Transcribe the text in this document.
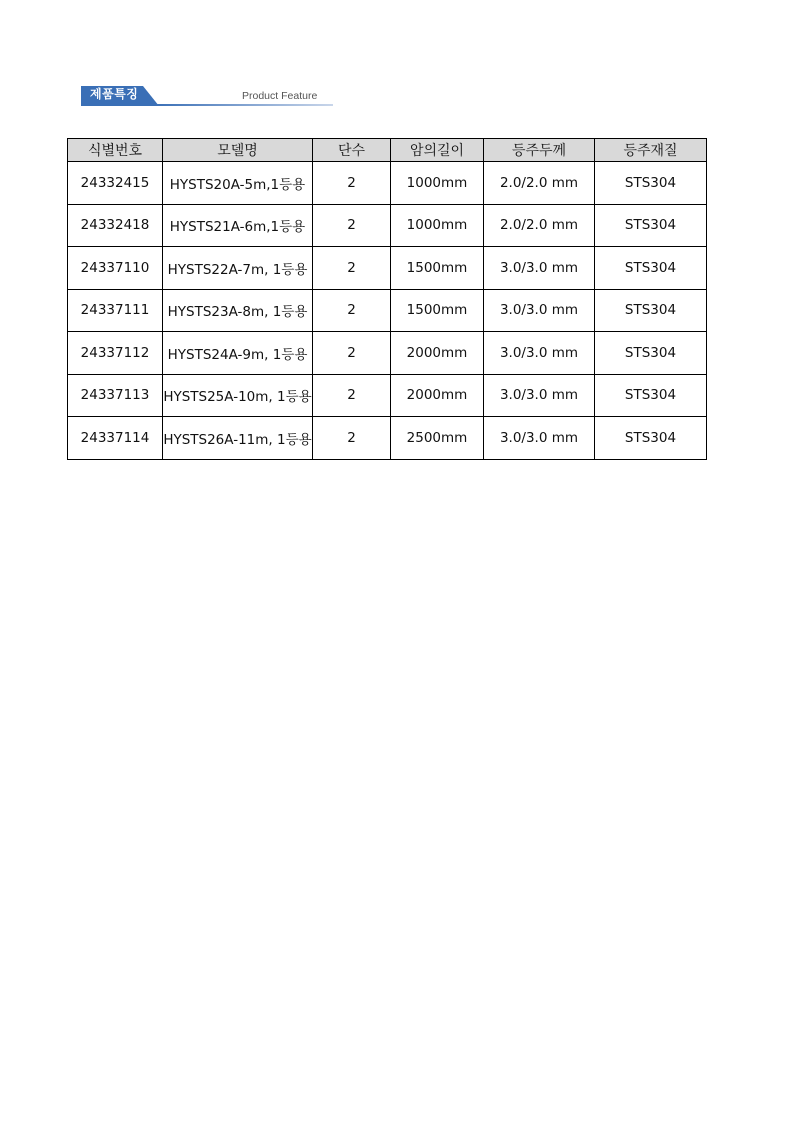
제품특징	Product Feature
식별번호	모델명	단수	암의길이	등주두께	등주재질
24332415	HYSTS20A-5m,1등용	2	1000mm	2.0/2.0 mm	STS304
24332418	HYSTS21A-6m,1등용	2	1000mm	2.0/2.0 mm	STS304
24337110	HYSTS22A-7m, 1등용	2	1500mm	3.0/3.0 mm	STS304
24337111	HYSTS23A-8m, 1등용	2	1500mm	3.0/3.0 mm	STS304
24337112	HYSTS24A-9m, 1등용	2	2000mm	3.0/3.0 mm	STS304
24337113	HYSTS25A-10m, 1등용	2	2000mm	3.0/3.0 mm	STS304
24337114	HYSTS26A-11m, 1등용	2	2500mm	3.0/3.0 mm	STS304
